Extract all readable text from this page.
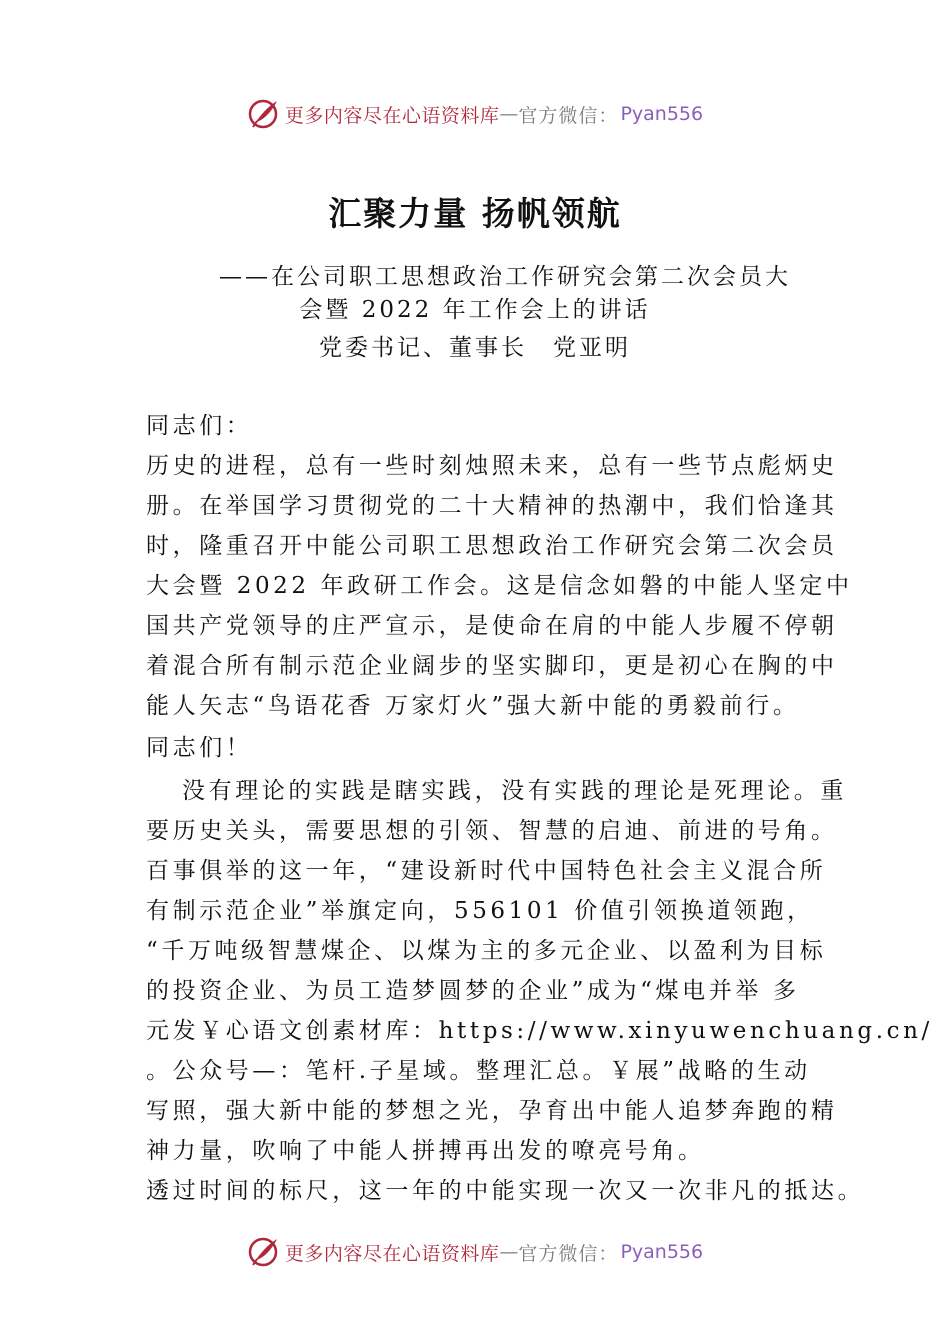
更多内容尽在心语资料库 — 官方微信： Pyan556
汇聚力量 扬帆领航
——在公司职工思想政治工作研究会第二次会员大
会暨 2022 年工作会上的讲话
党委书记、董事长　党亚明
同志们：
历史的进程，总有一些时刻烛照未来，总有一些节点彪炳史
册。在举国学习贯彻党的二十大精神的热潮中，我们恰逢其
时，隆重召开中能公司职工思想政治工作研究会第二次会员
大会暨 2022 年政研工作会。这是信念如磐的中能人坚定中
国共产党领导的庄严宣示，是使命在肩的中能人步履不停朝
着混合所有制示范企业阔步的坚实脚印，更是初心在胸的中
能人矢志“鸟语花香 万家灯火”强大新中能的勇毅前行。
同志们！
没有理论的实践是瞎实践，没有实践的理论是死理论。重
要历史关头，需要思想的引领、智慧的启迪、前进的号角。
百事俱举的这一年，“建设新时代中国特色社会主义混合所
有制示范企业”举旗定向，556101 价值引领换道领跑，
“千万吨级智慧煤企、以煤为主的多元企业、以盈利为目标
的投资企业、为员工造梦圆梦的企业”成为“煤电并举 多
元发￥心语文创素材库：https://www.xinyuwenchuang.cn/
。公众号—：笔杆.子星域。整理汇总。￥展”战略的生动
写照，强大新中能的梦想之光，孕育出中能人追梦奔跑的精
神力量，吹响了中能人拼搏再出发的嘹亮号角。
透过时间的标尺，这一年的中能实现一次又一次非凡的抵达。
更多内容尽在心语资料库 — 官方微信： Pyan556
